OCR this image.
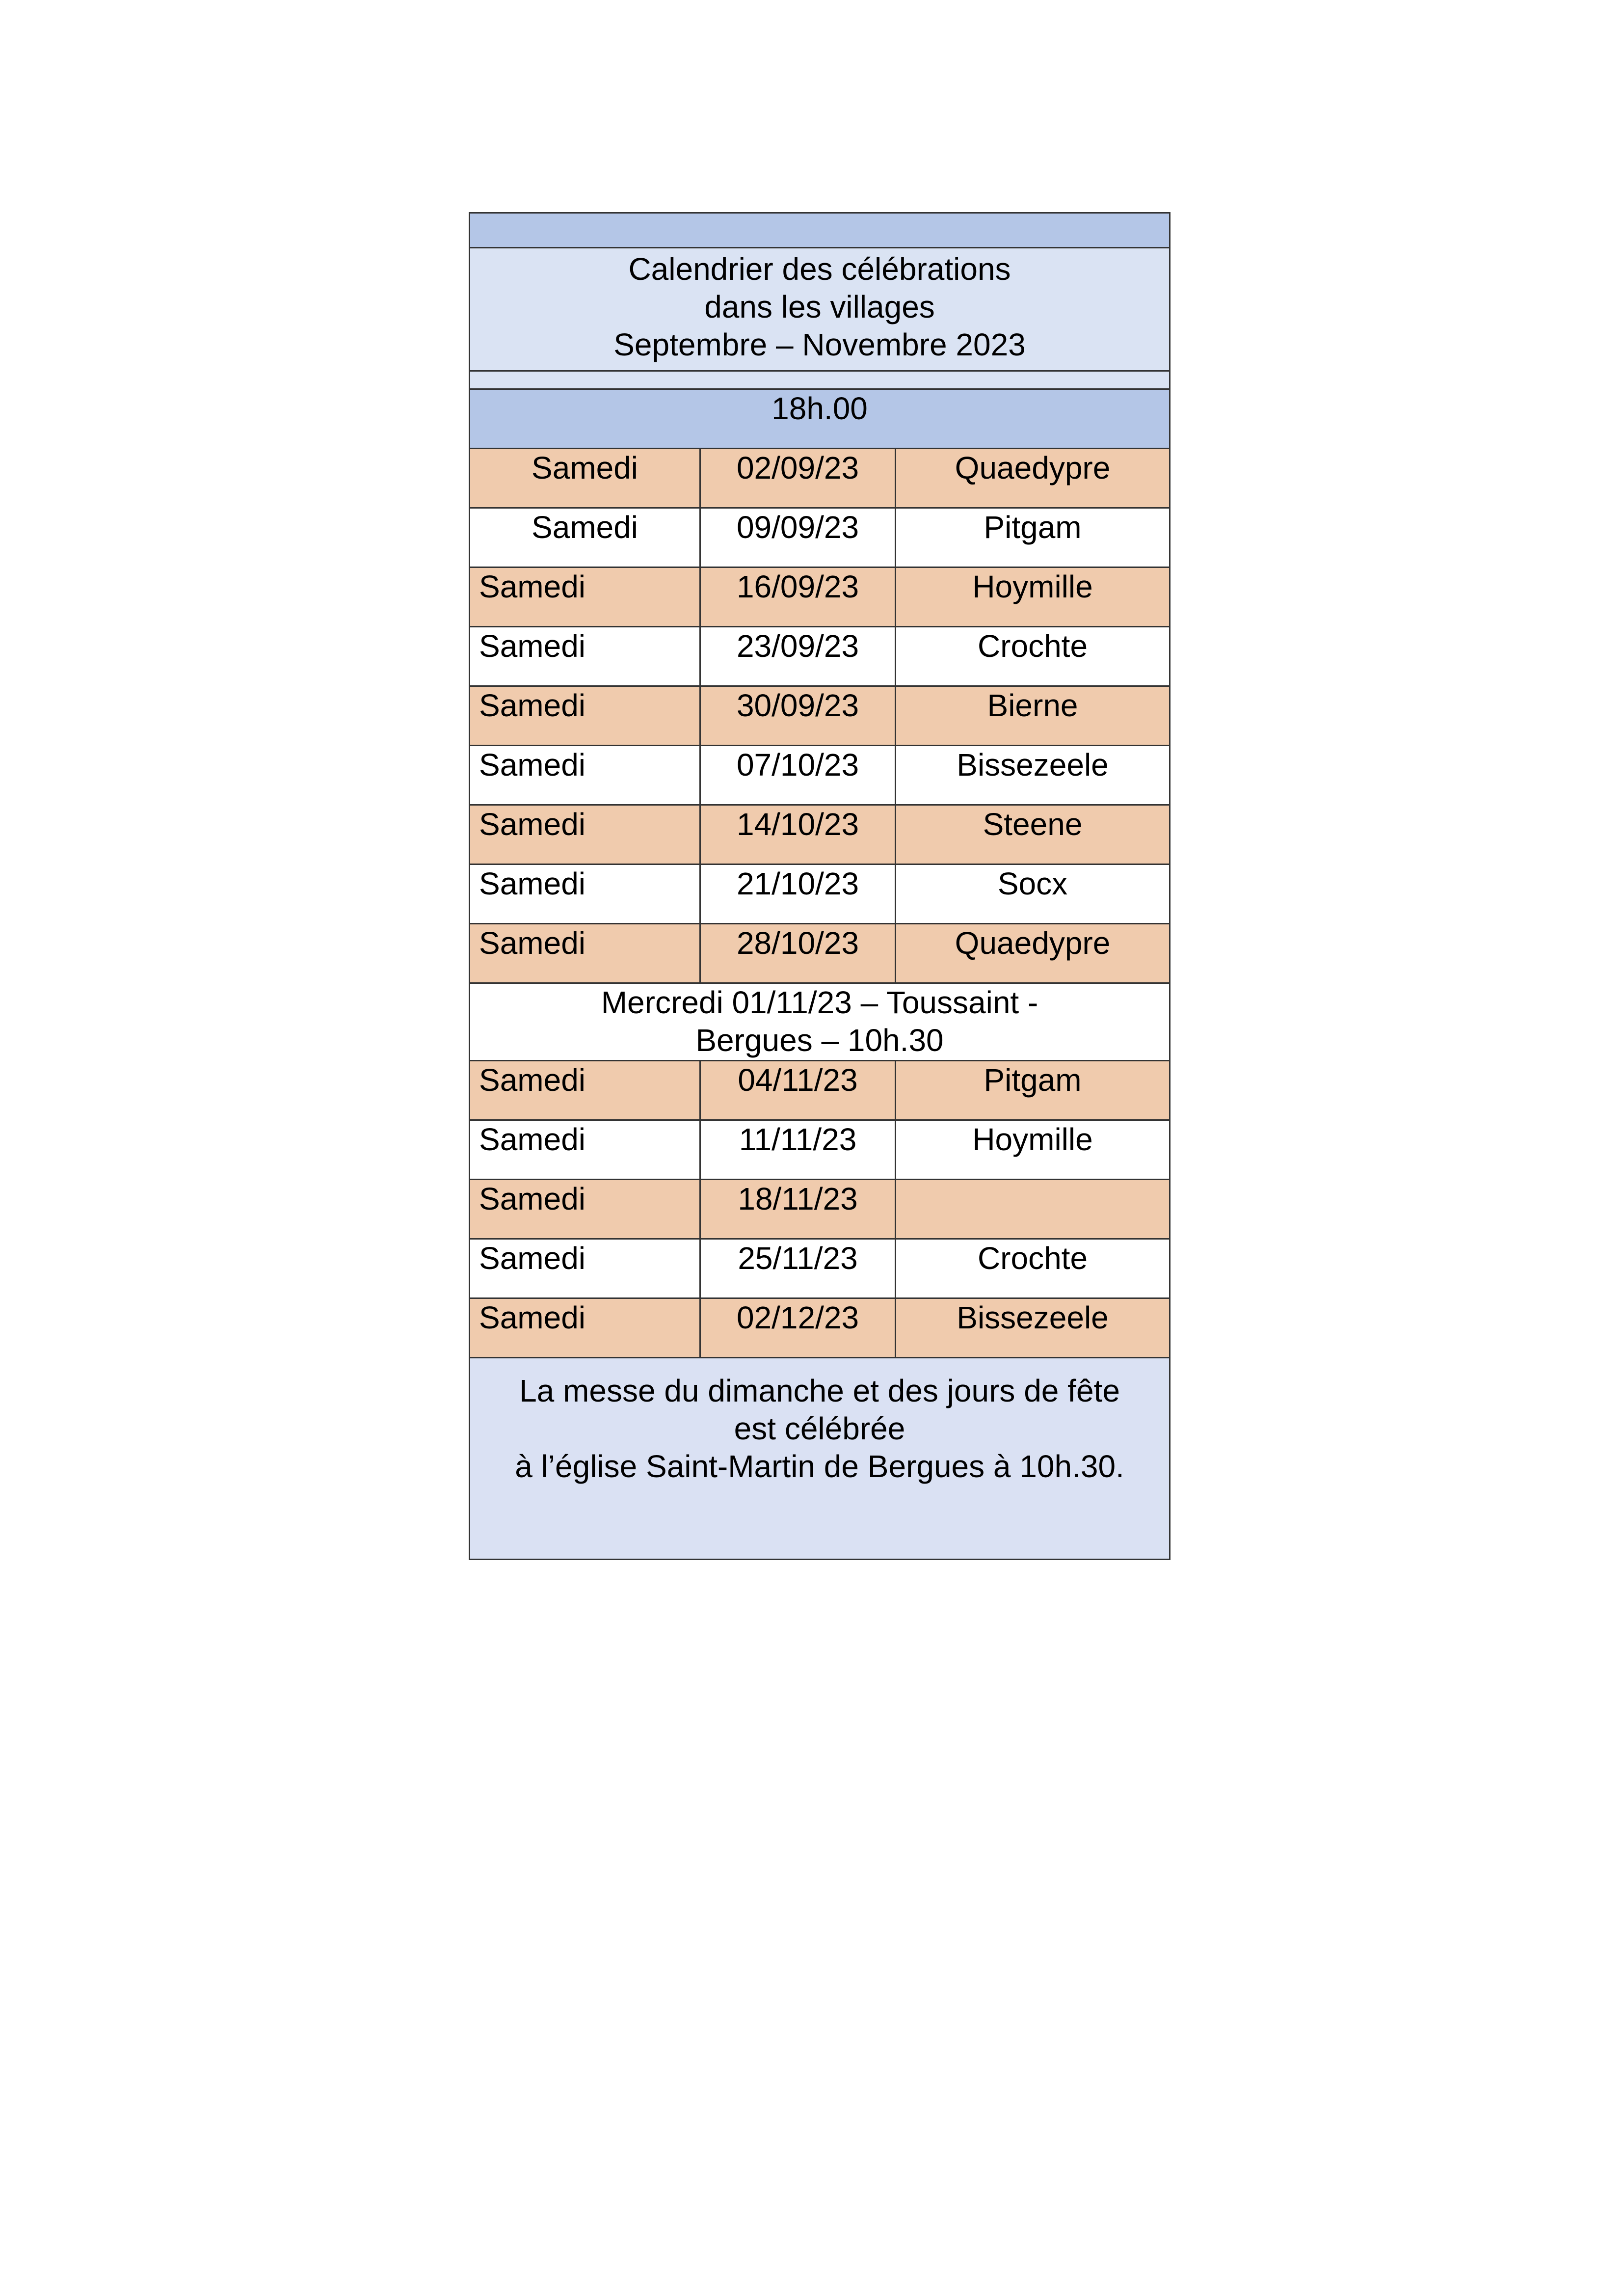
Calendrier des célébrations
dans les villages
Septembre – Novembre 2023		

18h.00		
Samedi	02/09/23	Quaedypre
Samedi	09/09/23	Pitgam
Samedi	16/09/23	Hoymille
Samedi	23/09/23	Crochte
Samedi	30/09/23	Bierne
Samedi	07/10/23	Bissezeele
Samedi	14/10/23	Steene
Samedi	21/10/23	Socx
Samedi	28/10/23	Quaedypre

Mercredi 01/11/23 – Toussaint -
Bergues – 10h.30		

Samedi	04/11/23	Pitgam
Samedi	11/11/23	Hoymille
Samedi	18/11/23	
Samedi	25/11/23	Crochte
Samedi	02/12/23	Bissezeele

La messe du dimanche et des jours de fête
est célébrée
à l’église Saint-Martin de Bergues à 10h.30.		
